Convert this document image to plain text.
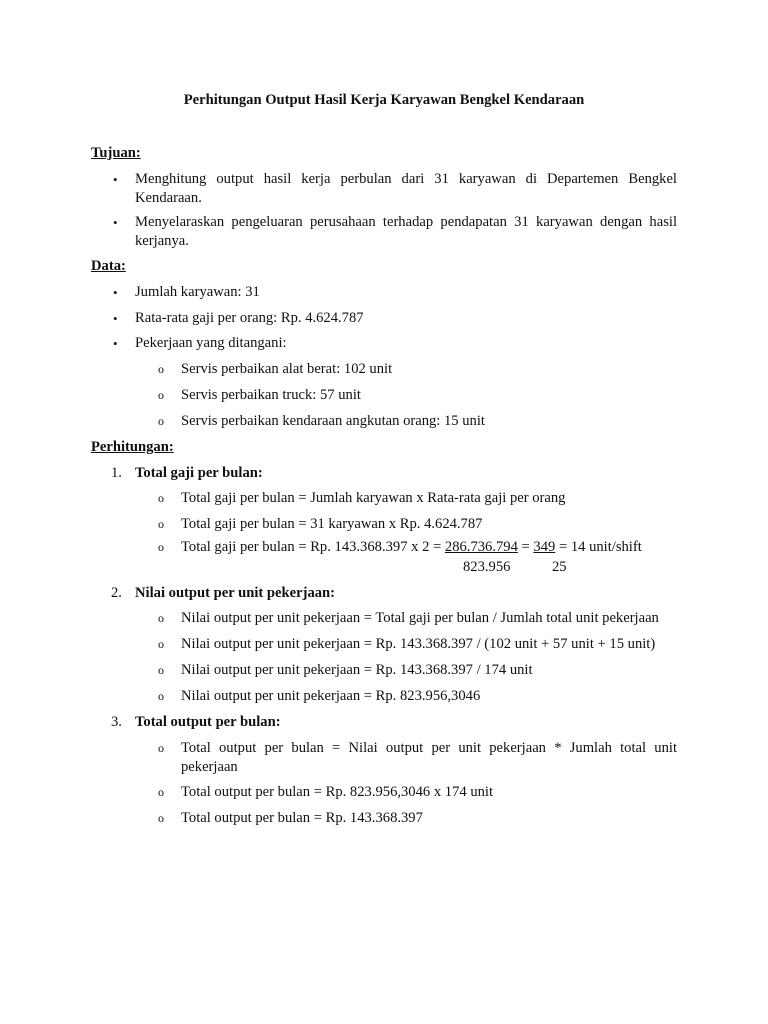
Perhitungan Output Hasil Kerja Karyawan Bengkel Kendaraan
Tujuan:
• Menghitung output hasil kerja perbulan dari 31 karyawan di Departemen Bengkel Kendaraan.
• Menyelaraskan pengeluaran perusahaan terhadap pendapatan 31 karyawan dengan hasil kerjanya.
Data:
• Jumlah karyawan: 31
• Rata-rata gaji per orang: Rp. 4.624.787
• Pekerjaan yang ditangani:
o Servis perbaikan alat berat: 102 unit
o Servis perbaikan truck: 57 unit
o Servis perbaikan kendaraan angkutan orang: 15 unit
Perhitungan:
1. Total gaji per bulan:
o Total gaji per bulan = Jumlah karyawan x Rata-rata gaji per orang
o Total gaji per bulan = 31 karyawan x Rp. 4.624.787
o Total gaji per bulan = Rp. 143.368.397 x 2 = 286.736.794 = 349 = 14 unit/shift
823.956	25
2. Nilai output per unit pekerjaan:
o Nilai output per unit pekerjaan = Total gaji per bulan / Jumlah total unit pekerjaan
o Nilai output per unit pekerjaan = Rp. 143.368.397 / (102 unit + 57 unit + 15 unit)
o Nilai output per unit pekerjaan = Rp. 143.368.397 / 174 unit
o Nilai output per unit pekerjaan = Rp. 823.956,3046
3. Total output per bulan:
o Total output per bulan = Nilai output per unit pekerjaan * Jumlah total unit pekerjaan
o Total output per bulan = Rp. 823.956,3046 x 174 unit
o Total output per bulan = Rp. 143.368.397
